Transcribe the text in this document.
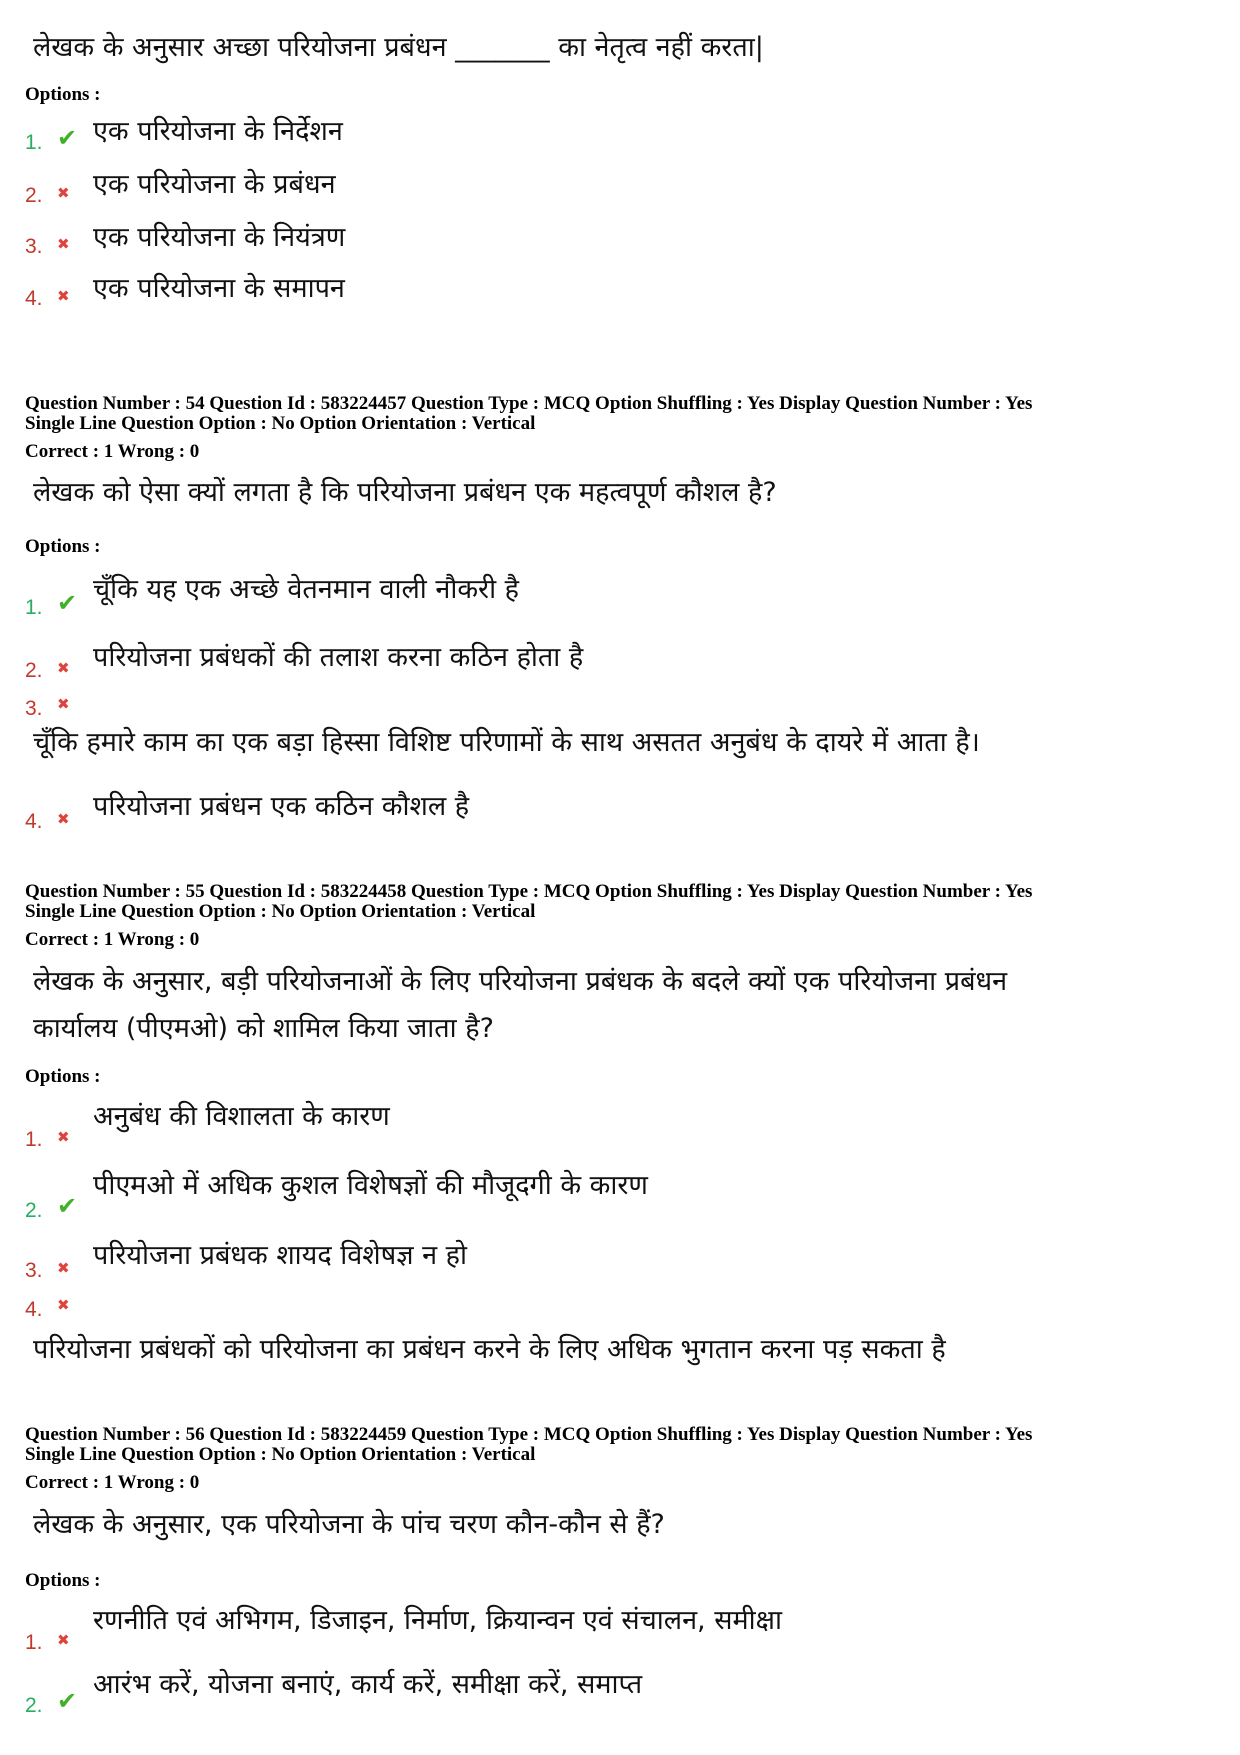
लेखक के अनुसार अच्छा परियोजना प्रबंधन _______ का नेतृत्व नहीं करता|
Options :
1. ✔ एक परियोजना के निर्देशन
2. ✖ एक परियोजना के प्रबंधन
3. ✖ एक परियोजना के नियंत्रण
4. ✖ एक परियोजना के समापन
Question Number : 54 Question Id : 583224457 Question Type : MCQ Option Shuffling : Yes Display Question Number : Yes
Single Line Question Option : No Option Orientation : Vertical
Correct : 1 Wrong : 0
लेखक को ऐसा क्यों लगता है कि परियोजना प्रबंधन एक महत्वपूर्ण कौशल है?
Options :
1. ✔ चूँकि यह एक अच्छे वेतनमान वाली नौकरी है
2. ✖ परियोजना प्रबंधकों की तलाश करना कठिन होता है
3. ✖
चूँकि हमारे काम का एक बड़ा हिस्सा विशिष्ट परिणामों के साथ असतत अनुबंध के दायरे में आता है।
4. ✖ परियोजना प्रबंधन एक कठिन कौशल है
Question Number : 55 Question Id : 583224458 Question Type : MCQ Option Shuffling : Yes Display Question Number : Yes
Single Line Question Option : No Option Orientation : Vertical
Correct : 1 Wrong : 0
लेखक के अनुसार, बड़ी परियोजनाओं के लिए परियोजना प्रबंधक के बदले क्यों एक परियोजना प्रबंधन
कार्यालय (पीएमओ) को शामिल किया जाता है?
Options :
1. ✖
अनुबंध की विशालता के कारण
2. ✔
पीएमओ में अधिक कुशल विशेषज्ञों की मौजूदगी के कारण
3. ✖ परियोजना प्रबंधक शायद विशेषज्ञ न हो
4. ✖
परियोजना प्रबंधकों को परियोजना का प्रबंधन करने के लिए अधिक भुगतान करना पड़ सकता है
Question Number : 56 Question Id : 583224459 Question Type : MCQ Option Shuffling : Yes Display Question Number : Yes
Single Line Question Option : No Option Orientation : Vertical
Correct : 1 Wrong : 0
लेखक के अनुसार, एक परियोजना के पांच चरण कौन-कौन से हैं?
Options :
1. ✖
रणनीति एवं अभिगम, डिजाइन, निर्माण, क्रियान्वन एवं संचालन, समीक्षा
2. ✔
आरंभ करें, योजना बनाएं, कार्य करें, समीक्षा करें, समाप्त
